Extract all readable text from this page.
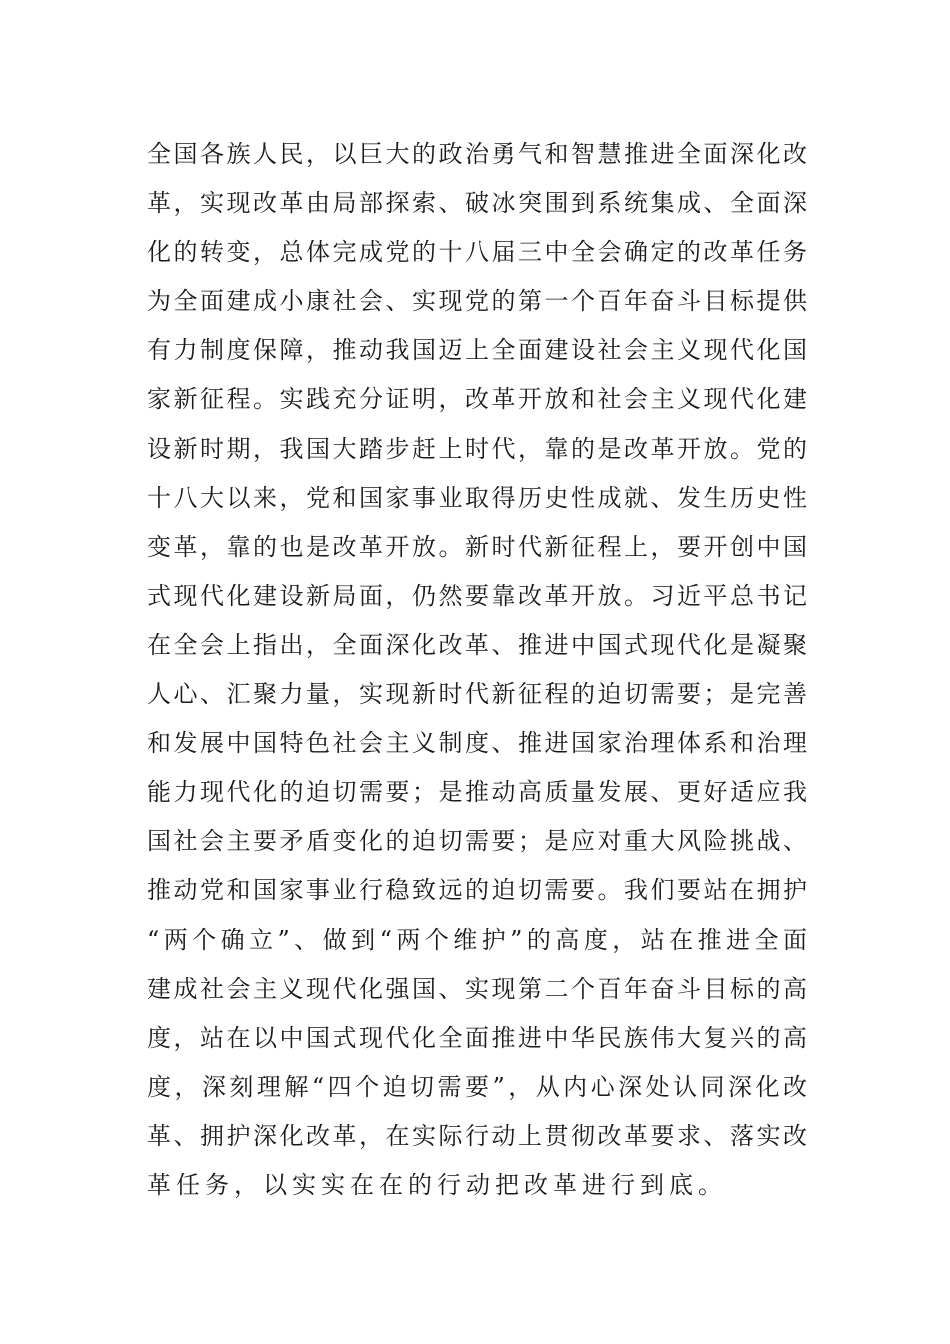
全国各族人民，以巨大的政治勇气和智慧推进全面深化改
革，实现改革由局部探索、破冰突围到系统集成、全面深
化的转变，总体完成党的十八届三中全会确定的改革任务
为全面建成小康社会、实现党的第一个百年奋斗目标提供
有力制度保障，推动我国迈上全面建设社会主义现代化国
家新征程。实践充分证明，改革开放和社会主义现代化建
设新时期，我国大踏步赶上时代，靠的是改革开放。党的
十八大以来，党和国家事业取得历史性成就、发生历史性
变革，靠的也是改革开放。新时代新征程上，要开创中国
式现代化建设新局面，仍然要靠改革开放。习近平总书记
在全会上指出，全面深化改革、推进中国式现代化是凝聚
人心、汇聚力量，实现新时代新征程的迫切需要；是完善
和发展中国特色社会主义制度、推进国家治理体系和治理
能力现代化的迫切需要；是推动高质量发展、更好适应我
国社会主要矛盾变化的迫切需要；是应对重大风险挑战、
推动党和国家事业行稳致远的迫切需要。我们要站在拥护
“两个确立”、做到“两个维护”的高度，站在推进全面
建成社会主义现代化强国、实现第二个百年奋斗目标的高
度，站在以中国式现代化全面推进中华民族伟大复兴的高
度，深刻理解“四个迫切需要”，从内心深处认同深化改
革、拥护深化改革，在实际行动上贯彻改革要求、落实改
革任务，以实实在在的行动把改革进行到底。
